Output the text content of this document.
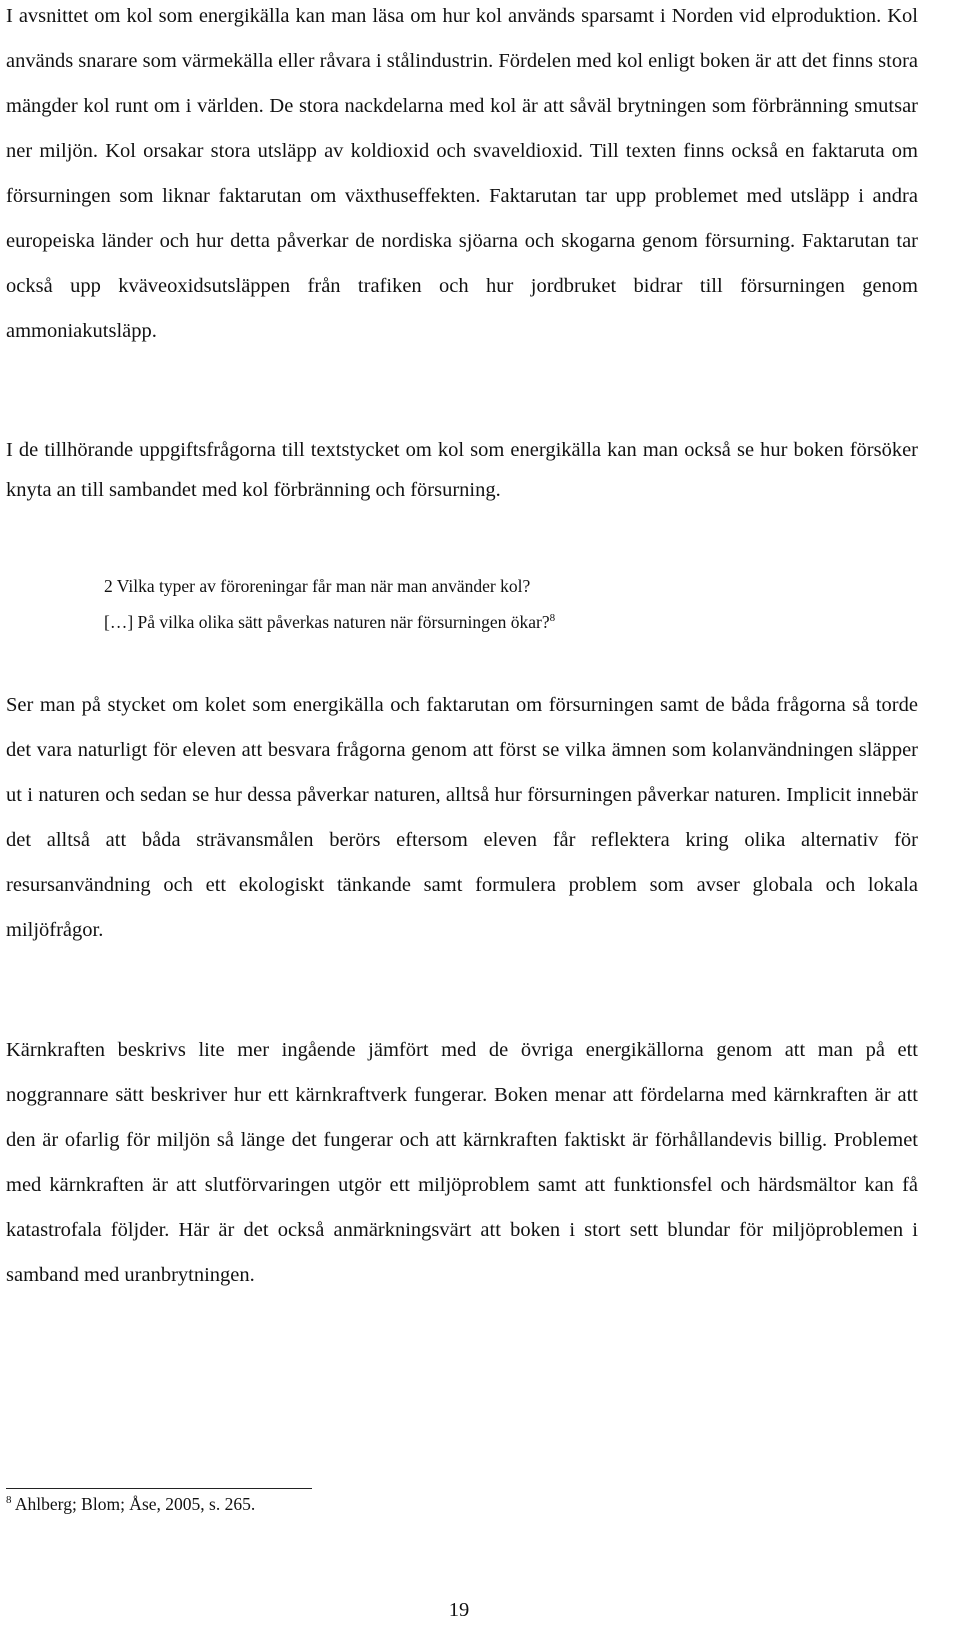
I avsnittet om kol som energikälla kan man läsa om hur kol används sparsamt i Norden vid elproduktion. Kol används snarare som värmekälla eller råvara i stålindustrin. Fördelen med kol enligt boken är att det finns stora mängder kol runt om i världen. De stora nackdelarna med kol är att såväl brytningen som förbränning smutsar ner miljön. Kol orsakar stora utsläpp av koldioxid och svaveldioxid. Till texten finns också en faktaruta om försurningen som liknar faktarutan om växthuseffekten. Faktarutan tar upp problemet med utsläpp i andra europeiska länder och hur detta påverkar de nordiska sjöarna och skogarna genom försurning. Faktarutan tar också upp kväveoxidsutsläppen från trafiken och hur jordbruket bidrar till försurningen genom ammoniakutsläpp.

I de tillhörande uppgiftsfrågorna till textstycket om kol som energikälla kan man också se hur boken försöker knyta an till sambandet med kol förbränning och försurning.

2 Vilka typer av föroreningar får man när man använder kol?
[…] På vilka olika sätt påverkas naturen när försurningen ökar?$^8$

Ser man på stycket om kolet som energikälla och faktarutan om försurningen samt de båda frågorna så torde det vara naturligt för eleven att besvara frågorna genom att först se vilka ämnen som kolanvändningen släpper ut i naturen och sedan se hur dessa påverkar naturen, alltså hur försurningen påverkar naturen. Implicit innebär det alltså att båda strävansmålen berörs eftersom eleven får reflektera kring olika alternativ för resursanvändning och ett ekologiskt tänkande samt formulera problem som avser globala och lokala miljöfrågor.

Kärnkraften beskrivs lite mer ingående jämfört med de övriga energikällorna genom att man på ett noggrannare sätt beskriver hur ett kärnkraftverk fungerar. Boken menar att fördelarna med kärnkraften är att den är ofarlig för miljön så länge det fungerar och att kärnkraften faktiskt är förhållandevis billig. Problemet med kärnkraften är att slutförvaringen utgör ett miljöproblem samt att funktionsfel och härdsmältor kan få katastrofala följder. Här är det också anmärkningsvärt att boken i stort sett blundar för miljöproblemen i samband med uranbrytningen.

$^8$ Ahlberg; Blom; Åse, 2005, s. 265.
19
